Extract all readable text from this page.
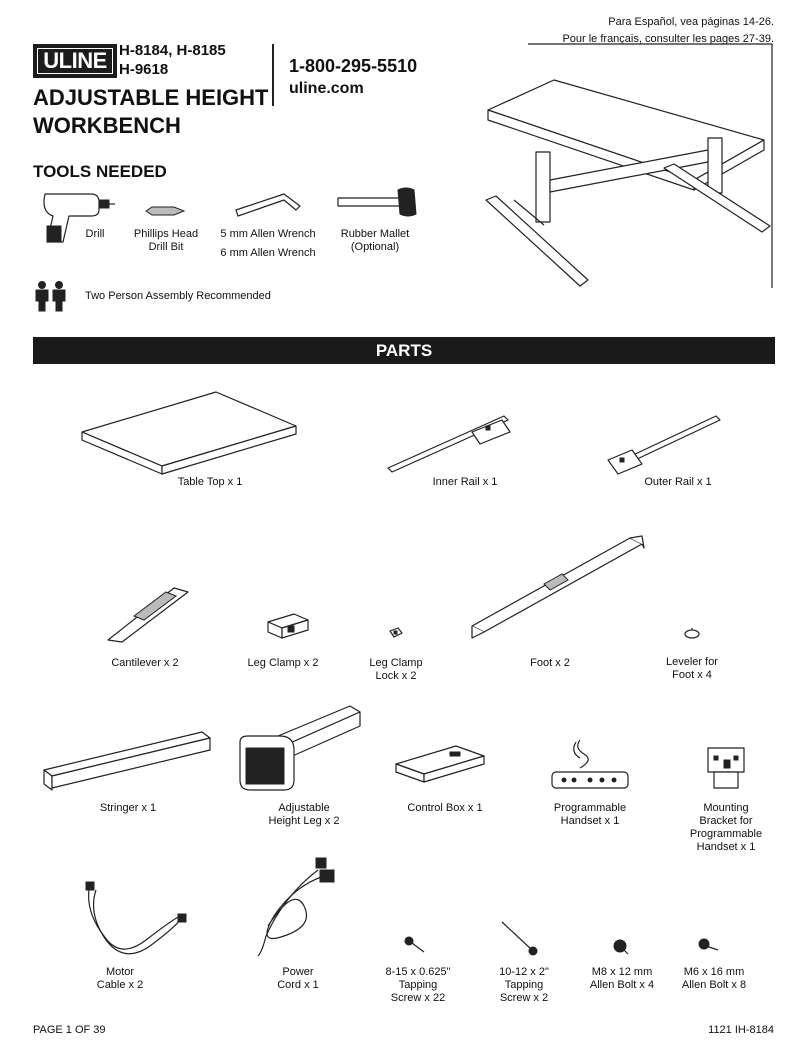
ULINE H-8184, H-8185
H-9618
ADJUSTABLE HEIGHT
WORKBENCH
1-800-295-5510
uline.com
Para Español, vea páginas 14-26.
Pour le français, consulter les pages 27-39.
TOOLS NEEDED
Drill	Phillips Head
Drill Bit
5 mm Allen Wrench
6 mm Allen Wrench
Rubber Mallet
(Optional)
Two Person Assembly Recommended
PARTS
Table Top x 1	Inner Rail x 1	Outer Rail x 1
Cantilever x 2	Leg Clamp x 2	Leg Clamp
Lock x 2
Foot x 2	Leveler for
Foot x 4
Stringer x 1	Adjustable
Height Leg x 2
Control Box x 1	Programmable
Handset x 1
Mounting
Bracket for
Programmable
Handset x 1
Motor
Cable x 2
Power
Cord x 1
8-15 x 0.625"
Tapping
Screw x 22
10-12 x 2"
Tapping
Screw x 2
M8 x 12 mm
Allen Bolt x 4
M6 x 16 mm
Allen Bolt x 8
PAGE 1 OF 39	1121 IH-8184
